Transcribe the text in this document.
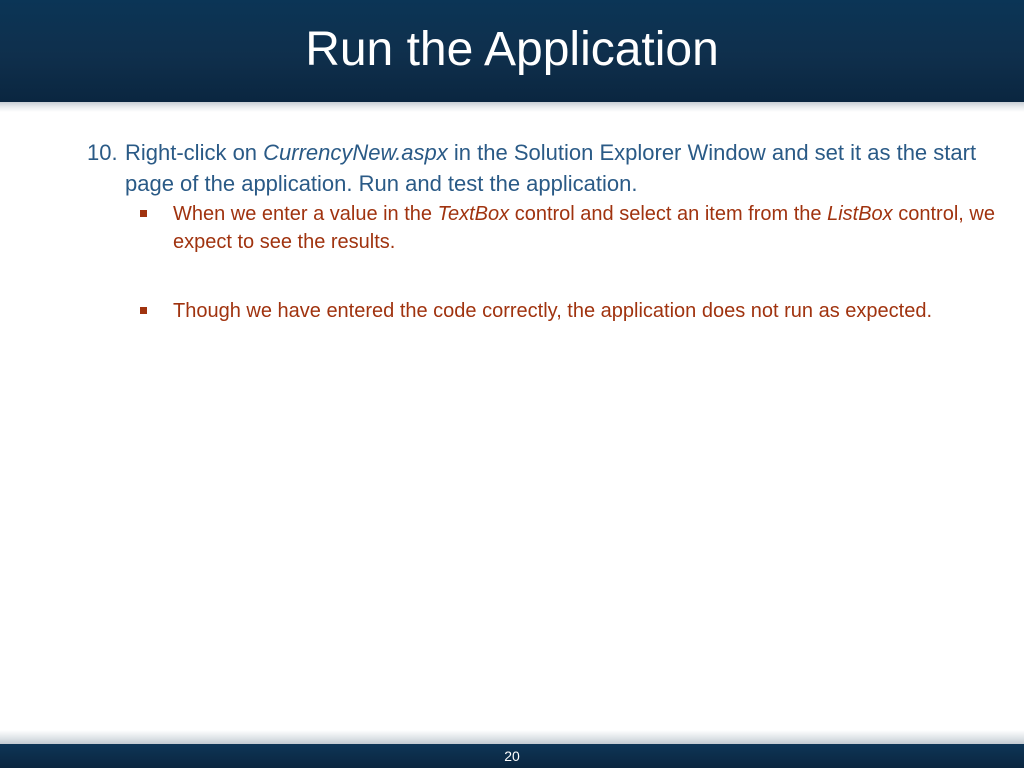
Run the Application
10. Right-click on CurrencyNew.aspx in the Solution Explorer Window and set it as the start page of the application. Run and test the application.
When we enter a value in the TextBox control and select an item from the ListBox control, we expect to see the results.
Though we have entered the code correctly, the application does not run as expected.
20
